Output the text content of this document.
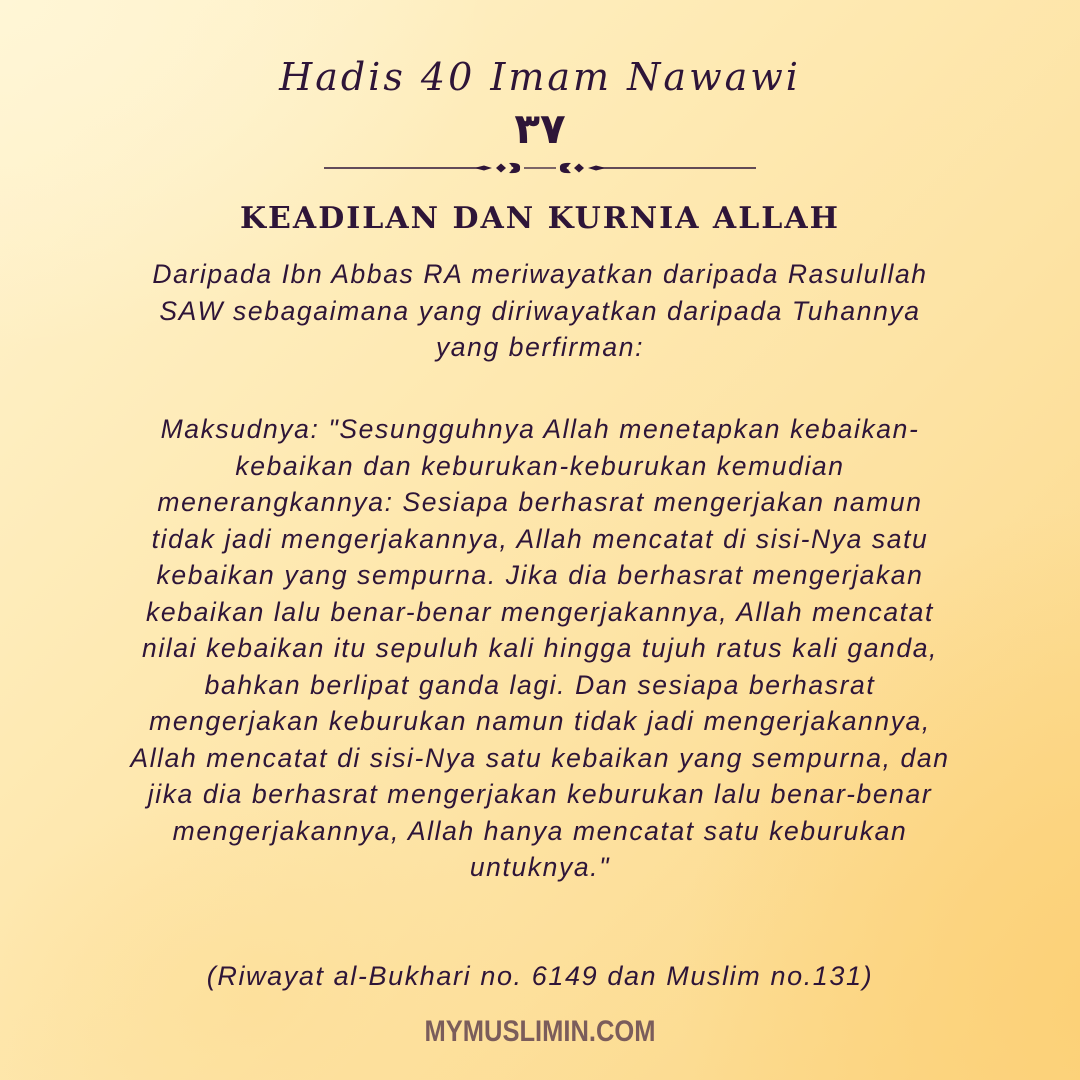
Hadis 40 Imam Nawawi
٣٧
KEADILAN DAN KURNIA ALLAH
Daripada Ibn Abbas RA meriwayatkan daripada Rasulullah
SAW sebagaimana yang diriwayatkan daripada Tuhannya
yang berfirman:
Maksudnya: "Sesungguhnya Allah menetapkan kebaikan-
kebaikan dan keburukan-keburukan kemudian
menerangkannya: Sesiapa berhasrat mengerjakan namun
tidak jadi mengerjakannya, Allah mencatat di sisi-Nya satu
kebaikan yang sempurna. Jika dia berhasrat mengerjakan
kebaikan lalu benar-benar mengerjakannya, Allah mencatat
nilai kebaikan itu sepuluh kali hingga tujuh ratus kali ganda,
bahkan berlipat ganda lagi. Dan sesiapa berhasrat
mengerjakan keburukan namun tidak jadi mengerjakannya,
Allah mencatat di sisi-Nya satu kebaikan yang sempurna, dan
jika dia berhasrat mengerjakan keburukan lalu benar-benar
mengerjakannya, Allah hanya mencatat satu keburukan
untuknya."
(Riwayat al-Bukhari no. 6149 dan Muslim no.131)
MYMUSLIMIN.COM
